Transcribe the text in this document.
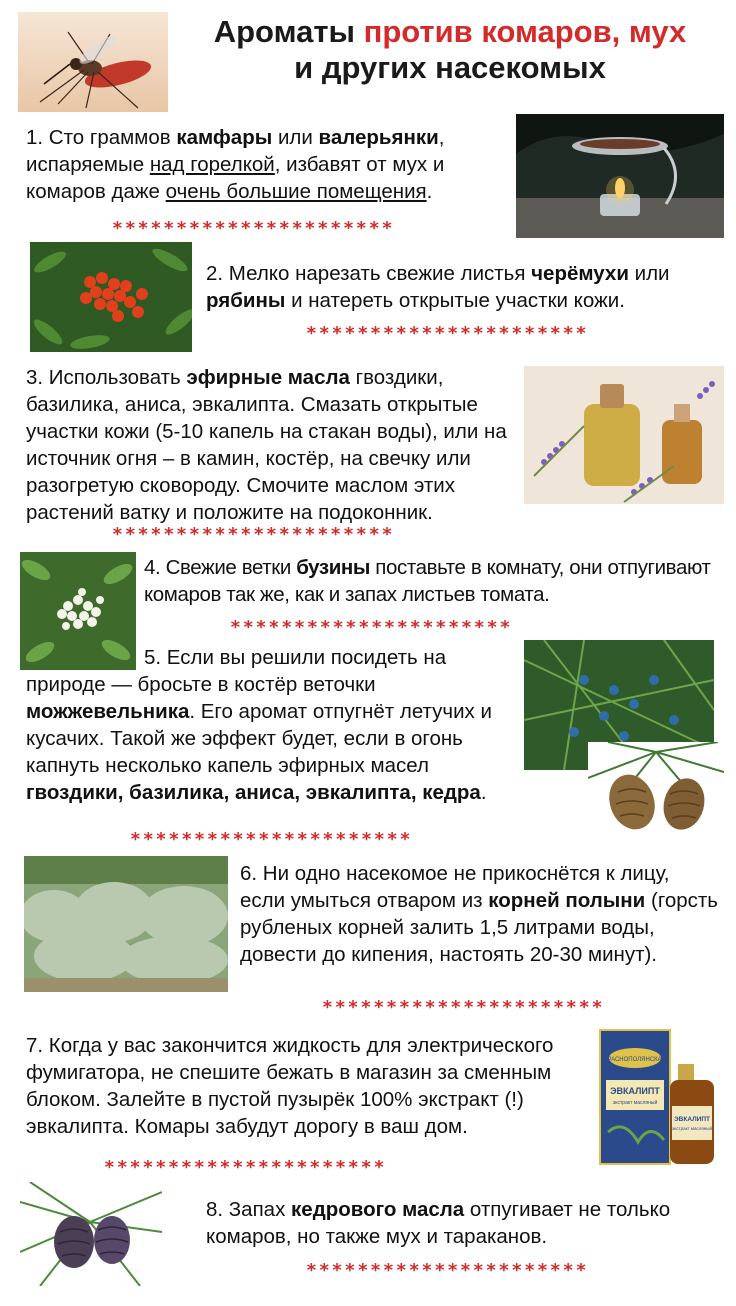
Ароматы против комаров, мух
и других насекомых
1. Сто граммов камфары или валерьянки, испаряемые над горелкой, избавят от мух и комаров даже очень большие помещения.
**********************
2. Мелко нарезать свежие листья черёмухи или рябины и натереть открытые участки кожи.
**********************
3. Использовать эфирные масла гвоздики, базилика, аниса, эвкалипта. Смазать открытые участки кожи (5-10 капель на стакан воды), или на источник огня – в камин, костёр, на свечку или разогретую сковороду. Смочите маслом этих растений ватку и положите на подоконник.
**********************
4. Свежие ветки бузины поставьте в комнату, они отпугивают комаров так же, как и запах листьев томата.
**********************
5. Если вы решили посидеть на природе — бросьте в костёр веточки можжевельника. Его аромат отпугнёт летучих и кусачих. Такой же эффект будет, если в огонь капнуть несколько капель эфирных масел гвоздики, базилика, аниса, эвкалипта, кедра.
**********************
6. Ни одно насекомое не прикоснётся к лицу, если умыться отваром из корней полыни (горсть рубленых корней залить 1,5 литрами воды, довести до кипения, настоять 20-30 минут).
**********************
7. Когда у вас закончится жидкость для электрического фумигатора, не спешите бежать в магазин за сменным блоком. Залейте в пустой пузырёк 100% экстракт (!) эвкалипта. Комары забудут дорогу в ваш дом.
КРАСНОПОЛЯНСКАЯ
ЭВКАЛИПТ
экстракт масляный
ЭВКАЛИПТ
экстракт масляный
**********************
8. Запах кедрового масла отпугивает не только комаров, но также мух и тараканов.
**********************
